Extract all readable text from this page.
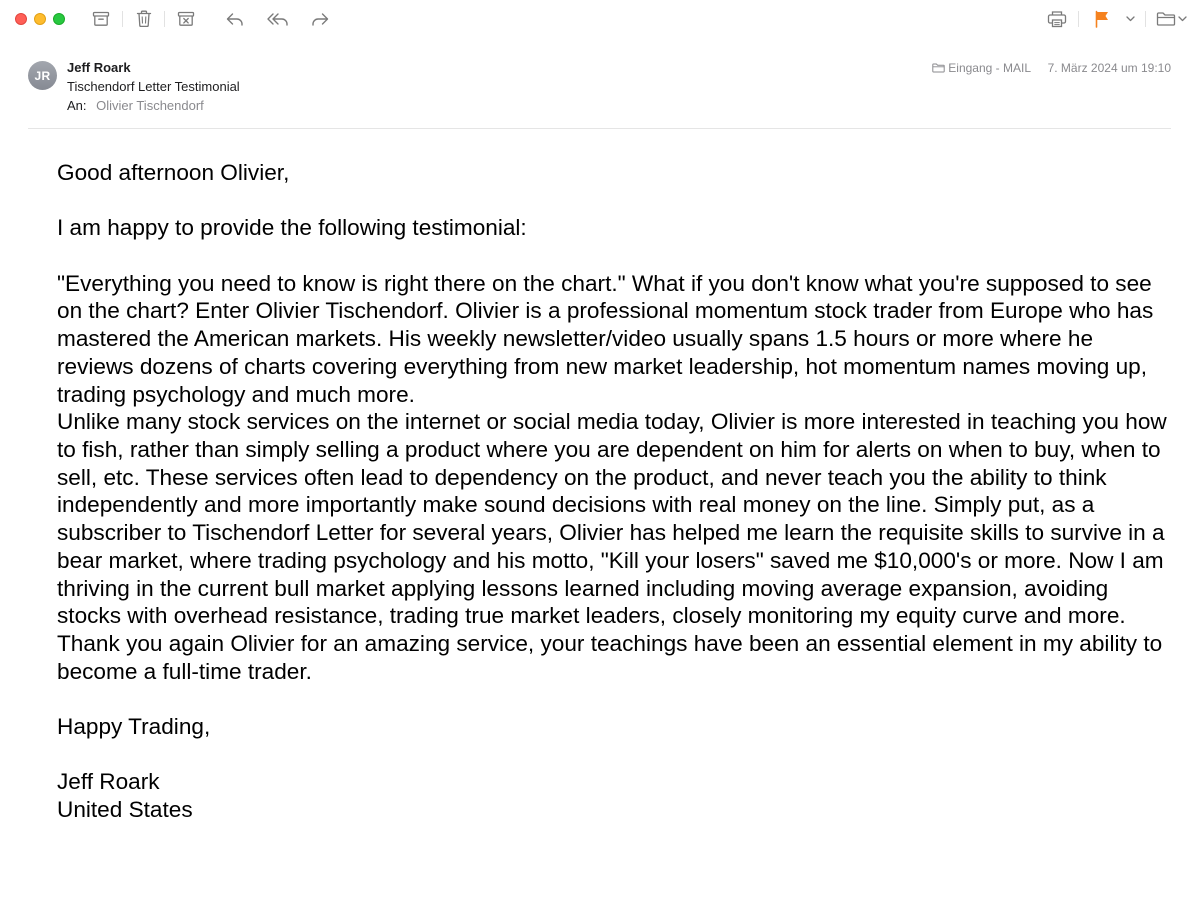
JR
Jeff Roark
Tischendorf Letter Testimonial
An: Olivier Tischendorf
Eingang - MAIL 7. März 2024 um 19:10

Good afternoon Olivier,

I am happy to provide the following testimonial:

"Everything you need to know is right there on the chart." What if you don't know what you're supposed to see on the chart? Enter Olivier Tischendorf. Olivier is a professional momentum stock trader from Europe who has mastered the American markets. His weekly newsletter/video usually spans 1.5 hours or more where he reviews dozens of charts covering everything from new market leadership, hot momentum names moving up, trading psychology and much more.

Unlike many stock services on the internet or social media today, Olivier is more interested in teaching you how to fish, rather than simply selling a product where you are dependent on him for alerts on when to buy, when to sell, etc. These services often lead to dependency on the product, and never teach you the ability to think independently and more importantly make sound decisions with real money on the line. Simply put, as a subscriber to Tischendorf Letter for several years, Olivier has helped me learn the requisite skills to survive in a bear market, where trading psychology and his motto, "Kill your losers" saved me $10,000's or more. Now I am thriving in the current bull market applying lessons learned including moving average expansion, avoiding stocks with overhead resistance, trading true market leaders, closely monitoring my equity curve and more. Thank you again Olivier for an amazing service, your teachings have been an essential element in my ability to become a full-time trader.

Happy Trading,

Jeff Roark

United States
